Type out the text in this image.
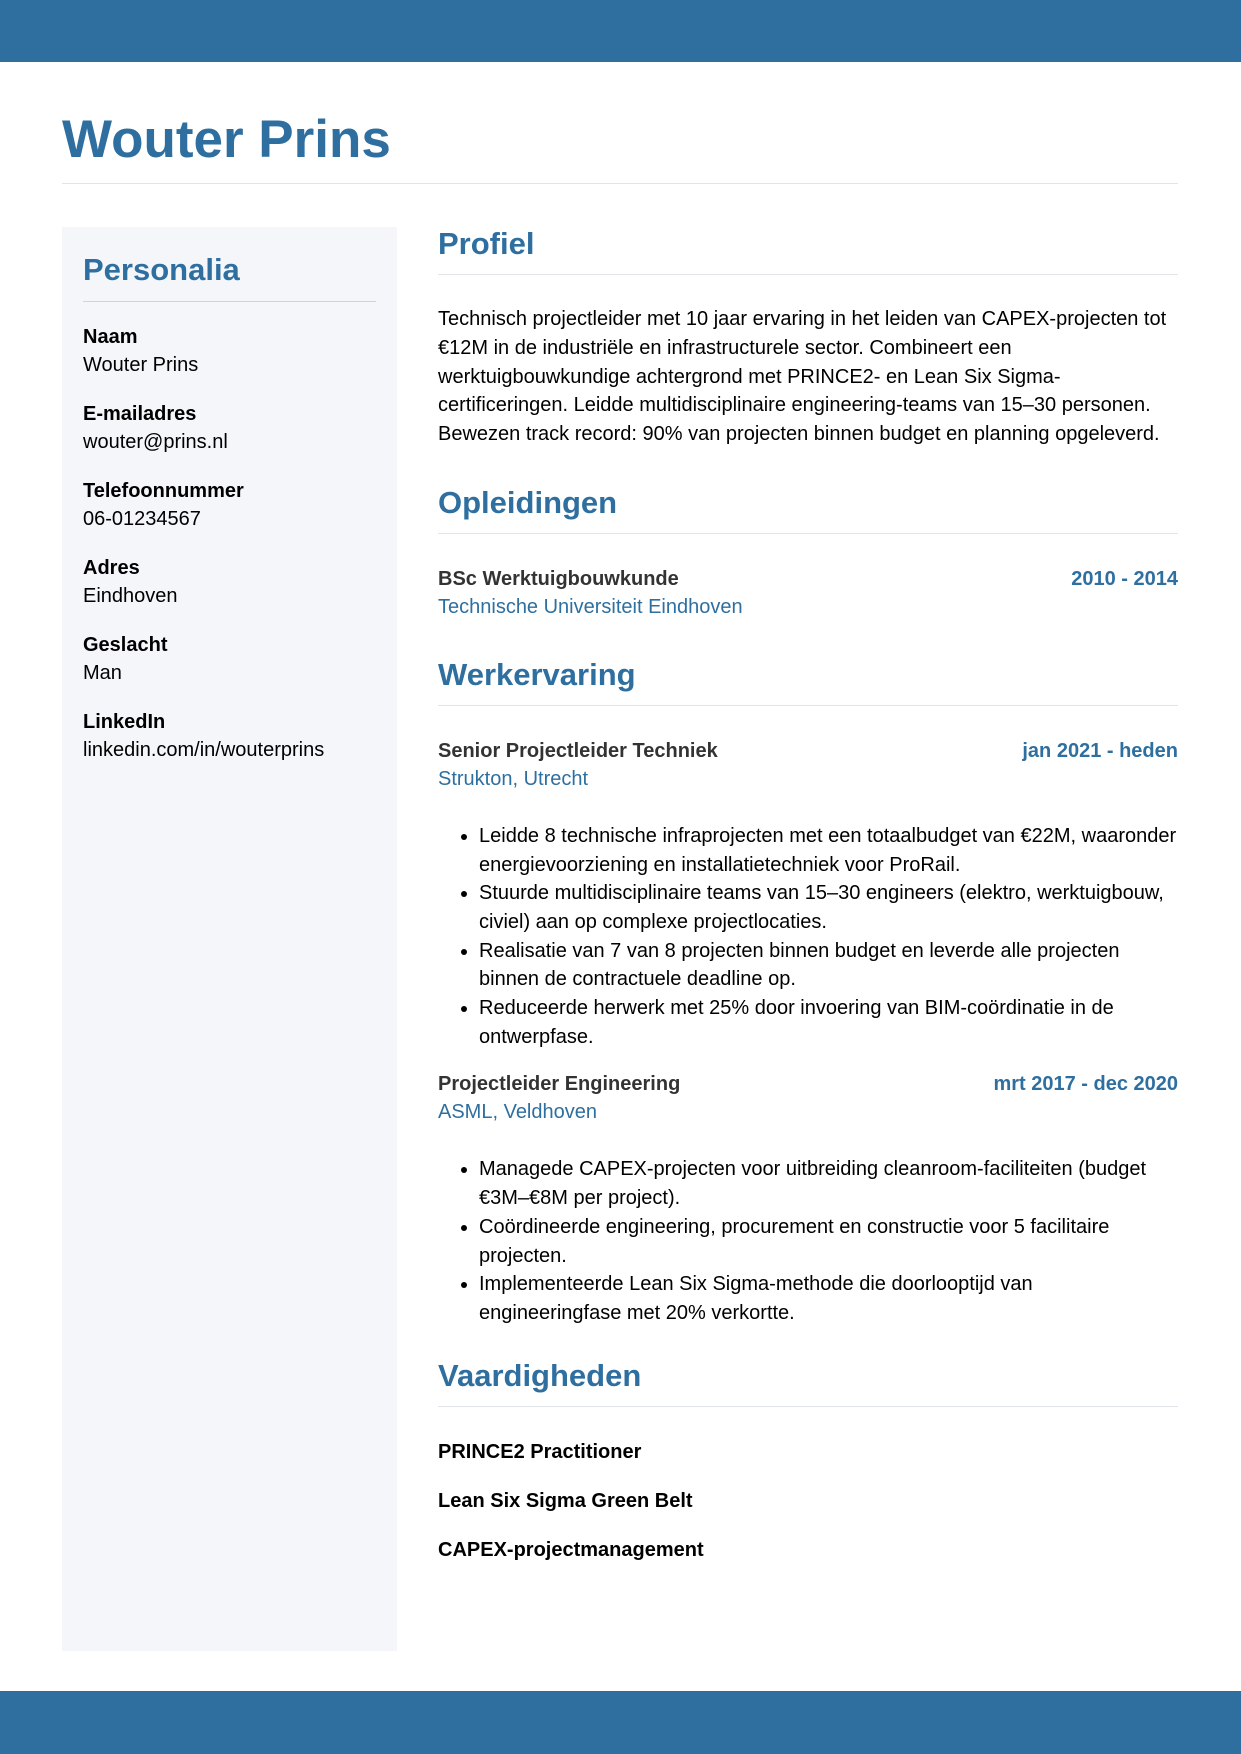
Wouter Prins
Personalia
Naam
Wouter Prins
E-mailadres
wouter@prins.nl
Telefoonnummer
06-01234567
Adres
Eindhoven
Geslacht
Man
LinkedIn
linkedin.com/in/wouterprins
Profiel

Technisch projectleider met 10 jaar ervaring in het leiden van CAPEX-projecten tot €12M in de industriële en infrastructurele sector. Combineert een werktuigbouwkundige achtergrond met PRINCE2- en Lean Six Sigma-certificeringen. Leidde multidisciplinaire engineering-teams van 15–30 personen. Bewezen track record: 90% van projecten binnen budget en planning opgeleverd.

Opleidingen
BSc Werktuigbouwkunde	2010 - 2014
Technische Universiteit Eindhoven
Werkervaring
Senior Projectleider Techniek	jan 2021 - heden
Strukton, Utrecht
• Leidde 8 technische infraprojecten met een totaalbudget van €22M, waaronder energievoorziening en installatietechniek voor ProRail.
• Stuurde multidisciplinaire teams van 15–30 engineers (elektro, werktuigbouw, civiel) aan op complexe projectlocaties.
• Realisatie van 7 van 8 projecten binnen budget en leverde alle projecten binnen de contractuele deadline op.
• Reduceerde herwerk met 25% door invoering van BIM-coördinatie in de ontwerpfase.
Projectleider Engineering	mrt 2017 - dec 2020
ASML, Veldhoven
• Managede CAPEX-projecten voor uitbreiding cleanroom-faciliteiten (budget €3M–€8M per project).
• Coördineerde engineering, procurement en constructie voor 5 facilitaire projecten.
• Implementeerde Lean Six Sigma-methode die doorlooptijd van engineeringfase met 20% verkortte.
Vaardigheden
PRINCE2 Practitioner
Lean Six Sigma Green Belt
CAPEX-projectmanagement
